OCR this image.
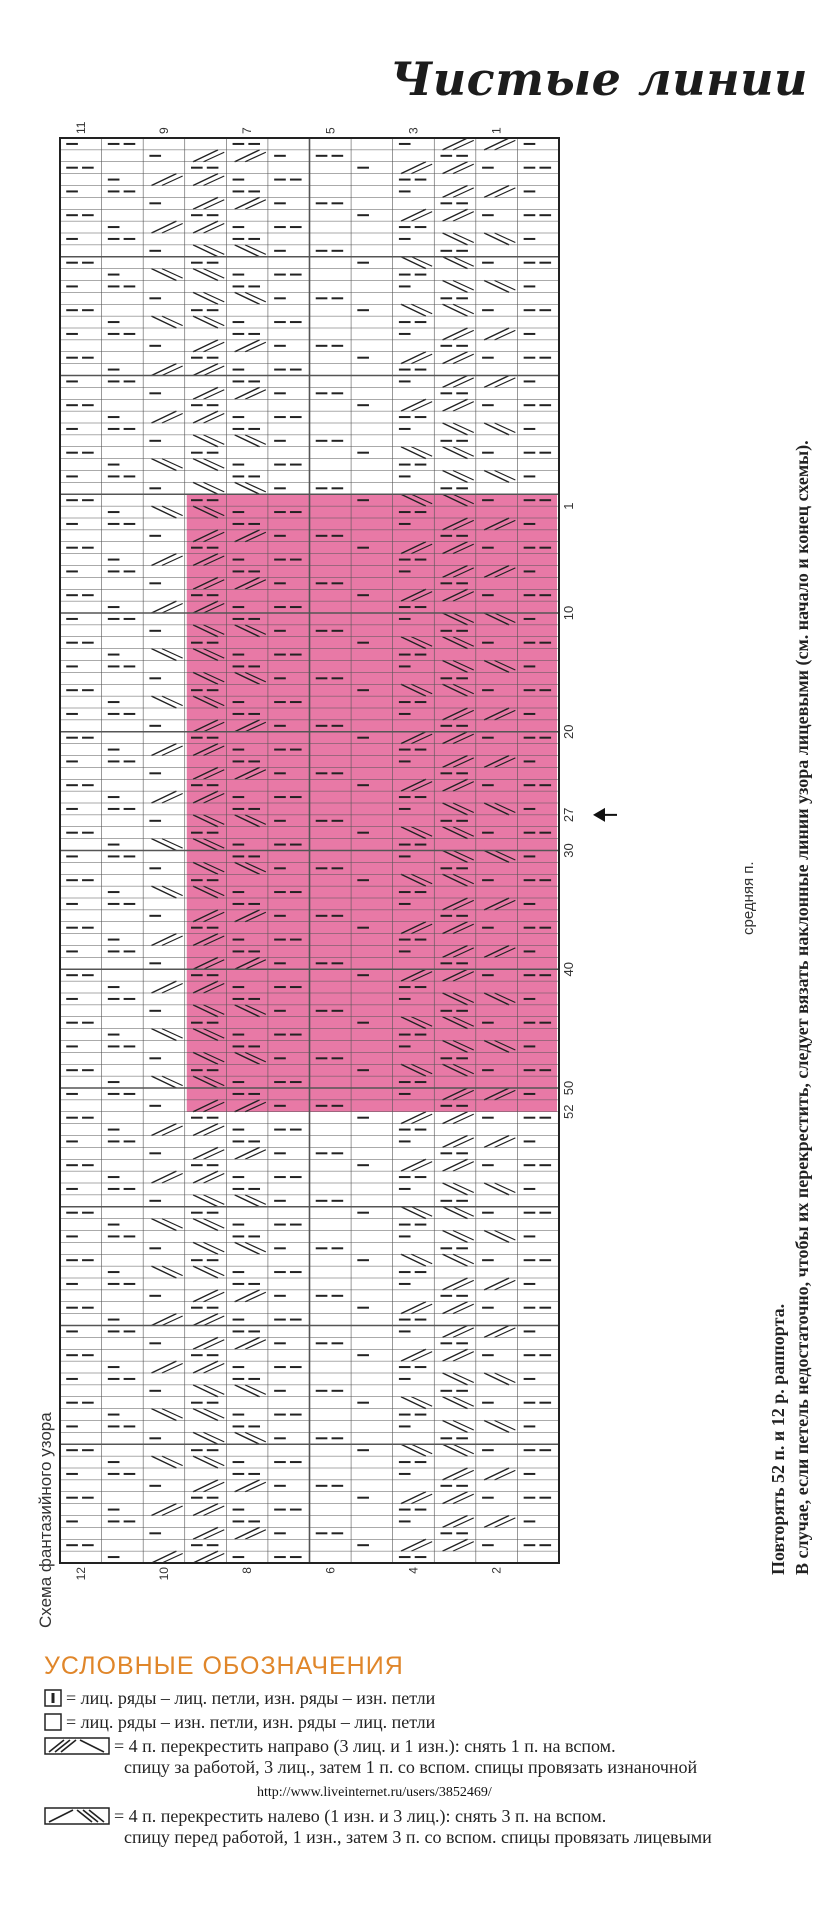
Чистые линии
52
50
40
30
27
20
10
1
11	9	7	5	3	1
12	10	8	6	4	2
Схема фантазийного узора
средняя п.
Повторять 52 п. и 12 р. раппорта. В случае, если петель недостаточно, чтобы их перекрестить, следует вязать наклонные линии узора лицевыми (см. начало и конец схемы).
УСЛОВНЫЕ ОБОЗНАЧЕНИЯ
= лиц. ряды – лиц. петли, изн. ряды – изн. петли
= лиц. ряды – изн. петли, изн. ряды – лиц. петли
= 4 п. перекрестить направо (3 лиц. и 1 изн.): снять 1 п. на вспом.
спицу за работой, 3 лиц., затем 1 п. со вспом. спицы провязать изнаночной
http://www.liveinternet.ru/users/3852469/
= 4 п. перекрестить налево (1 изн. и 3 лиц.): снять 3 п. на вспом.
спицу перед работой, 1 изн., затем 3 п. со вспом. спицы провязать лицевыми
